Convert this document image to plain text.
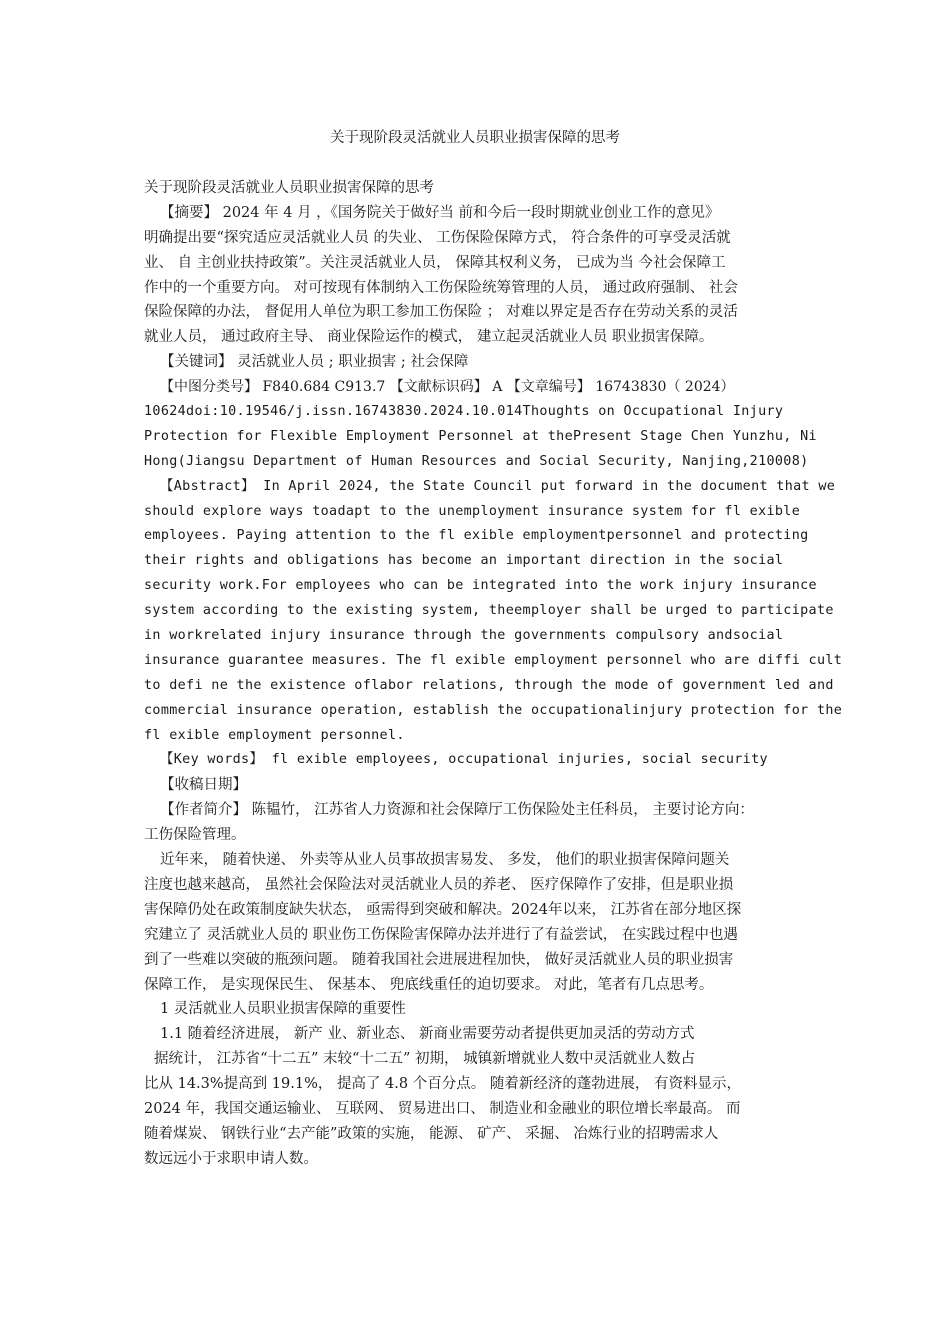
关于现阶段灵活就业人员职业损害保障的思考
关于现阶段灵活就业人员职业损害保障的思考
【摘要】 2024 年 4 月 ，《国务院关于做好当 前和今后一段时期就业创业工作的意见》
明确提出要“探究适应灵活就业人员 的失业、 工伤保险保障方式， 符合条件的可享受灵活就
业、 自 主创业扶持政策”。关注灵活就业人员， 保障其权利义务， 已成为当 今社会保障工
作中的一个重要方向。 对可按现有体制纳入工伤保险统筹管理的人员， 通过政府强制、 社会
保险保障的办法， 督促用人单位为职工参加工伤保险 ； 对难以界定是否存在劳动关系的灵活
就业人员， 通过政府主导、 商业保险运作的模式， 建立起灵活就业人员 职业损害保障。
【关键词】 灵活就业人员 ; 职业损害 ; 社会保障
【中图分类号】 F840.684 C913.7 【文献标识码】 A 【文章编号】 16743830（ 2024）
10624doi:10.19546/j.issn.16743830.2024.10.014Thoughts on Occupational Injury
Protection for Flexible Employment Personnel at thePresent Stage Chen Yunzhu, Ni
Hong(Jiangsu Department of Human Resources and Social Security, Nanjing,210008)
【Abstract】 In April 2024, the State Council put forward in the document that we
should explore ways toadapt to the unemployment insurance system for fl exible
employees. Paying attention to the fl exible employmentpersonnel and protecting
their rights and obligations has become an important direction in the social
security work.For employees who can be integrated into the work injury insurance
system according to the existing system, theemployer shall be urged to participate
in workrelated injury insurance through the governments compulsory andsocial
insurance guarantee measures. The fl exible employment personnel who are diffi cult
to defi ne the existence oflabor relations, through the mode of government led and
commercial insurance operation, establish the occupationalinjury protection for the
fl exible employment personnel.
【Key words】 fl exible employees, occupational injuries, social security
【收稿日期】
【作者简介】 陈韫竹， 江苏省人力资源和社会保障厅工伤保险处主任科员， 主要讨论方向：
工伤保险管理。
近年来， 随着快递、 外卖等从业人员事故损害易发、 多发， 他们的职业损害保障问题关
注度也越来越高， 虽然社会保险法对灵活就业人员的养老、 医疗保障作了安排，但是职业损
害保障仍处在政策制度缺失状态， 亟需得到突破和解决。2024年以来， 江苏省在部分地区探
究建立了 灵活就业人员的 职业伤工伤保险害保障办法并进行了有益尝试， 在实践过程中也遇
到了一些难以突破的瓶颈问题。 随着我国社会进展进程加快， 做好灵活就业人员的职业损害
保障工作， 是实现保民生、 保基本、 兜底线重任的迫切要求。 对此，笔者有几点思考。
1 灵活就业人员职业损害保障的重要性
1.1 随着经济进展， 新产 业、新业态、 新商业需要劳动者提供更加灵活的劳动方式
据统计， 江苏省“十二五” 末较“十二五” 初期， 城镇新增就业人数中灵活就业人数占
比从 14.3%提高到 19.1%， 提高了 4.8 个百分点。 随着新经济的蓬勃进展， 有资料显示，
2024 年，我国交通运输业、 互联网、 贸易进出口、 制造业和金融业的职位增长率最高。 而
随着煤炭、 钢铁行业“去产能”政策的实施， 能源、 矿产、 采掘、 冶炼行业的招聘需求人
数远远小于求职申请人数。
